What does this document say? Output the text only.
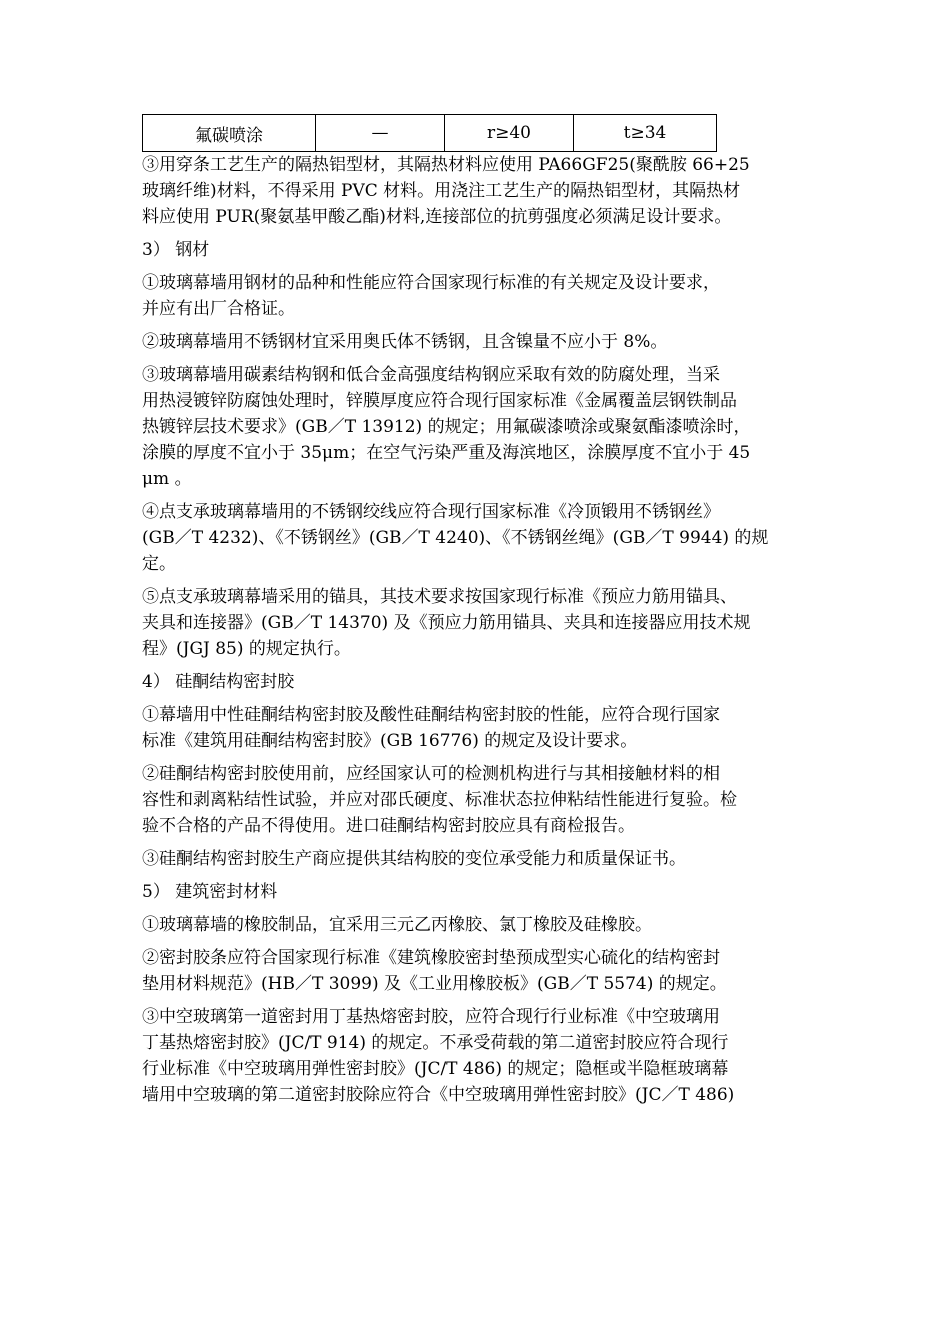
氟碳喷涂	—	r≥40	t≥34

③用穿条工艺生产的隔热铝型材，其隔热材料应使用 PA66GF25(聚酰胺 66+25

玻璃纤维)材料，不得采用 PVC 材料。用浇注工艺生产的隔热铝型材，其隔热材

料应使用 PUR(聚氨基甲酸乙酯)材料,连接部位的抗剪强度必须满足设计要求。

3） 钢材

①玻璃幕墙用钢材的品种和性能应符合国家现行标准的有关规定及设计要求，

并应有出厂合格证。

②玻璃幕墙用不锈钢材宜采用奥氏体不锈钢，且含镍量不应小于 8%。

③玻璃幕墙用碳素结构钢和低合金高强度结构钢应采取有效的防腐处理，当采

用热浸镀锌防腐蚀处理时，锌膜厚度应符合现行国家标准《金属覆盖层钢铁制品

热镀锌层技术要求》(GB／T 13912) 的规定；用氟碳漆喷涂或聚氨酯漆喷涂时，

涂膜的厚度不宜小于 35μm；在空气污染严重及海滨地区，涂膜厚度不宜小于 45

μm 。

④点支承玻璃幕墙用的不锈钢绞线应符合现行国家标准《冷顶锻用不锈钢丝》

(GB／T 4232)、《不锈钢丝》(GB／T 4240)、《不锈钢丝绳》(GB／T 9944) 的规

定。

⑤点支承玻璃幕墙采用的锚具，其技术要求按国家现行标准《预应力筋用锚具、

夹具和连接器》(GB／T 14370) 及《预应力筋用锚具、夹具和连接器应用技术规

程》(JGJ 85) 的规定执行。

4） 硅酮结构密封胶

①幕墙用中性硅酮结构密封胶及酸性硅酮结构密封胶的性能，应符合现行国家

标准《建筑用硅酮结构密封胶》(GB 16776) 的规定及设计要求。

②硅酮结构密封胶使用前，应经国家认可的检测机构进行与其相接触材料的相

容性和剥离粘结性试验，并应对邵氏硬度、标准状态拉伸粘结性能进行复验。检

验不合格的产品不得使用。进口硅酮结构密封胶应具有商检报告。

③硅酮结构密封胶生产商应提供其结构胶的变位承受能力和质量保证书。

5） 建筑密封材料

①玻璃幕墙的橡胶制品，宜采用三元乙丙橡胶、氯丁橡胶及硅橡胶。

②密封胶条应符合国家现行标准《建筑橡胶密封垫预成型实心硫化的结构密封

垫用材料规范》(HB／T 3099) 及《工业用橡胶板》(GB／T 5574) 的规定。

③中空玻璃第一道密封用丁基热熔密封胶，应符合现行行业标准《中空玻璃用

丁基热熔密封胶》(JC/T 914) 的规定。不承受荷载的第二道密封胶应符合现行

行业标准《中空玻璃用弹性密封胶》(JC/T 486) 的规定；隐框或半隐框玻璃幕

墙用中空玻璃的第二道密封胶除应符合《中空玻璃用弹性密封胶》(JC／T 486)
